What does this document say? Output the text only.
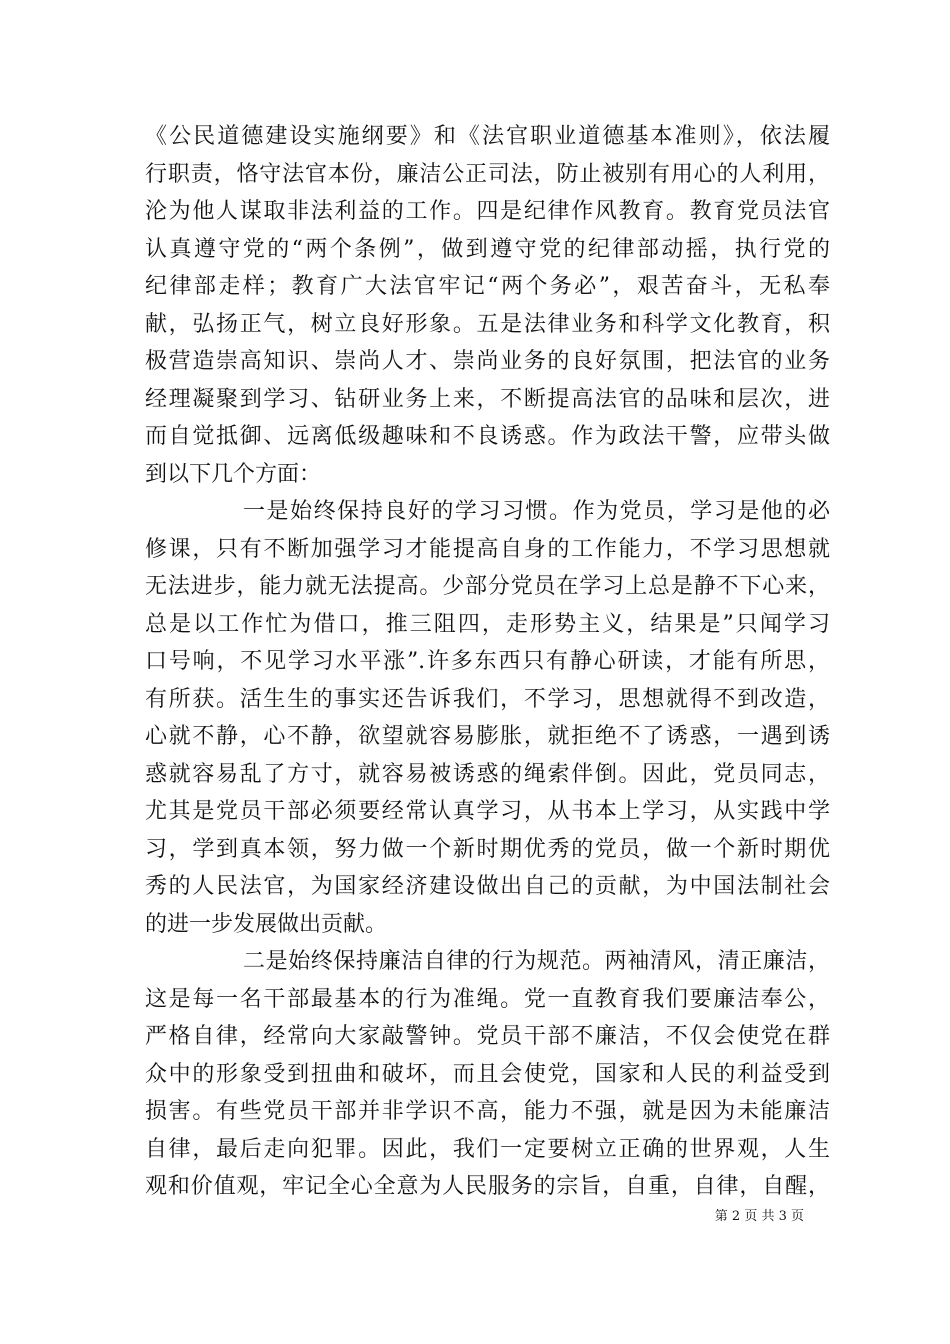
《公民道德建设实施纲要》和《法官职业道德基本准则》，依法履
行职责，恪守法官本份，廉洁公正司法，防止被别有用心的人利用，
沦为他人谋取非法利益的工作。四是纪律作风教育。教育党员法官
认真遵守党的“两个条例”，做到遵守党的纪律部动摇，执行党的
纪律部走样；教育广大法官牢记“两个务必”，艰苦奋斗，无私奉
献，弘扬正气，树立良好形象。五是法律业务和科学文化教育，积
极营造崇高知识、崇尚人才、崇尚业务的良好氛围，把法官的业务
经理凝聚到学习、钻研业务上来，不断提高法官的品味和层次，进
而自觉抵御、远离低级趣味和不良诱惑。作为政法干警，应带头做
到以下几个方面：
一是始终保持良好的学习习惯。作为党员，学习是他的必
修课，只有不断加强学习才能提高自身的工作能力，不学习思想就
无法进步，能力就无法提高。少部分党员在学习上总是静不下心来，
总是以工作忙为借口，推三阻四，走形势主义，结果是”只闻学习
口号响，不见学习水平涨”.许多东西只有静心研读，才能有所思，
有所获。活生生的事实还告诉我们，不学习，思想就得不到改造，
心就不静，心不静，欲望就容易膨胀，就拒绝不了诱惑，一遇到诱
惑就容易乱了方寸，就容易被诱惑的绳索伴倒。因此，党员同志，
尤其是党员干部必须要经常认真学习，从书本上学习，从实践中学
习，学到真本领，努力做一个新时期优秀的党员，做一个新时期优
秀的人民法官，为国家经济建设做出自己的贡献，为中国法制社会
的进一步发展做出贡献。
二是始终保持廉洁自律的行为规范。两袖清风，清正廉洁，
这是每一名干部最基本的行为准绳。党一直教育我们要廉洁奉公，
严格自律，经常向大家敲警钟。党员干部不廉洁，不仅会使党在群
众中的形象受到扭曲和破坏，而且会使党，国家和人民的利益受到
损害。有些党员干部并非学识不高，能力不强，就是因为未能廉洁
自律，最后走向犯罪。因此，我们一定要树立正确的世界观，人生
观和价值观，牢记全心全意为人民服务的宗旨，自重，自律，自醒，
第 2 页 共 3 页
